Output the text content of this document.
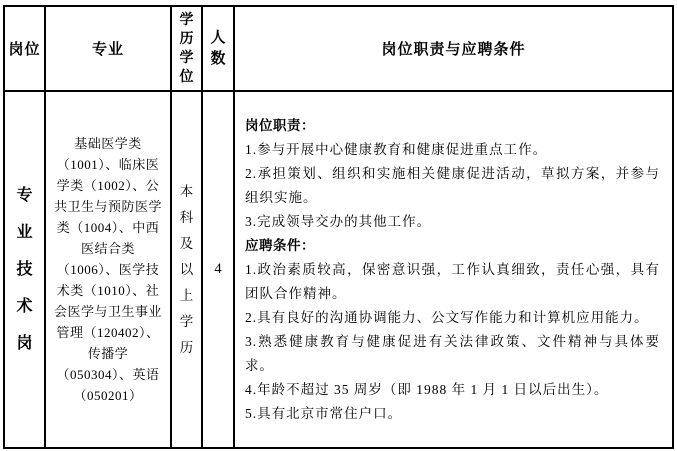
岗位	专业
学历学位
人数
岗位职责与应聘条件
专业技术岗
基础医学类（1001）、临床医学类（1002）、公共卫生与预防医学类（1004）、中西医结合类（1006）、医学技术类（1010）、社会医学与卫生事业管理（120402）、传播学（050304）、英语（050201）
本科及以上学历
4

岗位职责：

1.参与开展中心健康教育和健康促进重点工作。

2.承担策划、组织和实施相关健康促进活动，草拟方案，并参与组织实施。

3.完成领导交办的其他工作。

应聘条件：

1.政治素质较高，保密意识强，工作认真细致，责任心强，具有团队合作精神。

2.具有良好的沟通协调能力、公文写作能力和计算机应用能力。

3.熟悉健康教育与健康促进有关法律政策、文件精神与具体要求。

4.年龄不超过 35 周岁（即 1988 年 1 月 1 日以后出生）。

5.具有北京市常住户口。
